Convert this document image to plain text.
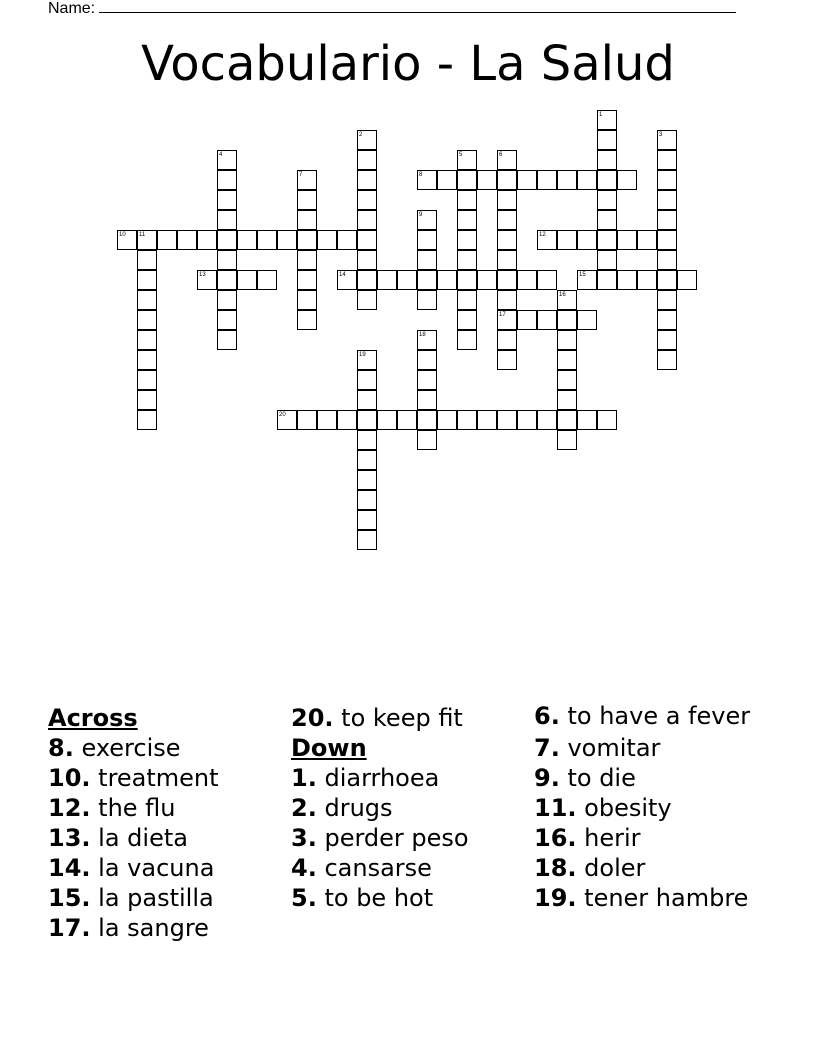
Name:
Vocabulario - La Salud
1
2	3
4	5	6
17
7	8
9
10 11	12
13	14	15
16
18
19
20
Across

8. exercise

10. treatment

12. the flu

13. la dieta

14. la vacuna

15. la pastilla

17. la sangre

20. to keep fit

Down

1. diarrhoea

2. drugs

3. perder peso

4. cansarse

5. to be hot

6. to have a fever

7. vomitar

9. to die

11. obesity

16. herir

18. doler

19. tener hambre
